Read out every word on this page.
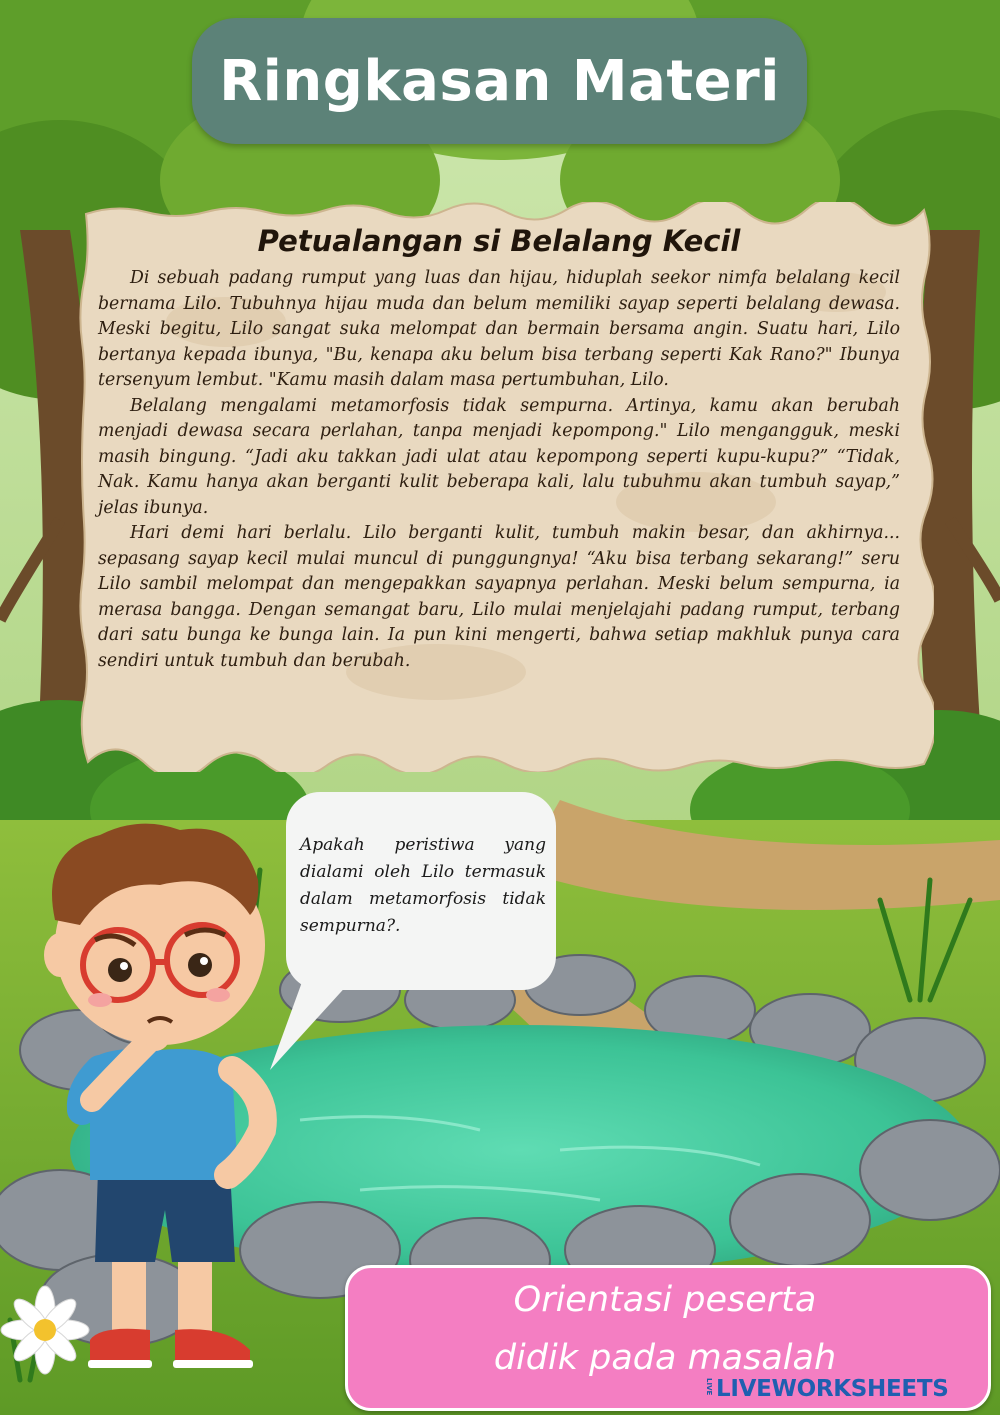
Ringkasan Materi
Petualangan si Belalang Kecil

Di sebuah padang rumput yang luas dan hijau, hiduplah seekor nimfa belalang kecil bernama Lilo. Tubuhnya hijau muda dan belum memiliki sayap seperti belalang dewasa. Meski begitu, Lilo sangat suka melompat dan bermain bersama angin. Suatu hari, Lilo bertanya kepada ibunya, "Bu, kenapa aku belum bisa terbang seperti Kak Rano?" Ibunya tersenyum lembut. "Kamu masih dalam masa pertumbuhan, Lilo.

Belalang mengalami metamorfosis tidak sempurna. Artinya, kamu akan berubah menjadi dewasa secara perlahan, tanpa menjadi kepompong." Lilo mengangguk, meski masih bingung. “Jadi aku takkan jadi ulat atau kepompong seperti kupu-kupu?” “Tidak, Nak. Kamu hanya akan berganti kulit beberapa kali, lalu tubuhmu akan tumbuh sayap,” jelas ibunya.

Hari demi hari berlalu. Lilo berganti kulit, tumbuh makin besar, dan akhirnya... sepasang sayap kecil mulai muncul di punggungnya! “Aku bisa terbang sekarang!” seru Lilo sambil melompat dan mengepakkan sayapnya perlahan. Meski belum sempurna, ia merasa bangga. Dengan semangat baru, Lilo mulai menjelajahi padang rumput, terbang dari satu bunga ke bunga lain. Ia pun kini mengerti, bahwa setiap makhluk punya cara sendiri untuk tumbuh dan berubah.

Apakah peristiwa yang dialami oleh Lilo termasuk dalam metamorfosis tidak sempurna?.
Orientasi peserta
didik pada masalah
LIVE LIVEWORKSHEETS
